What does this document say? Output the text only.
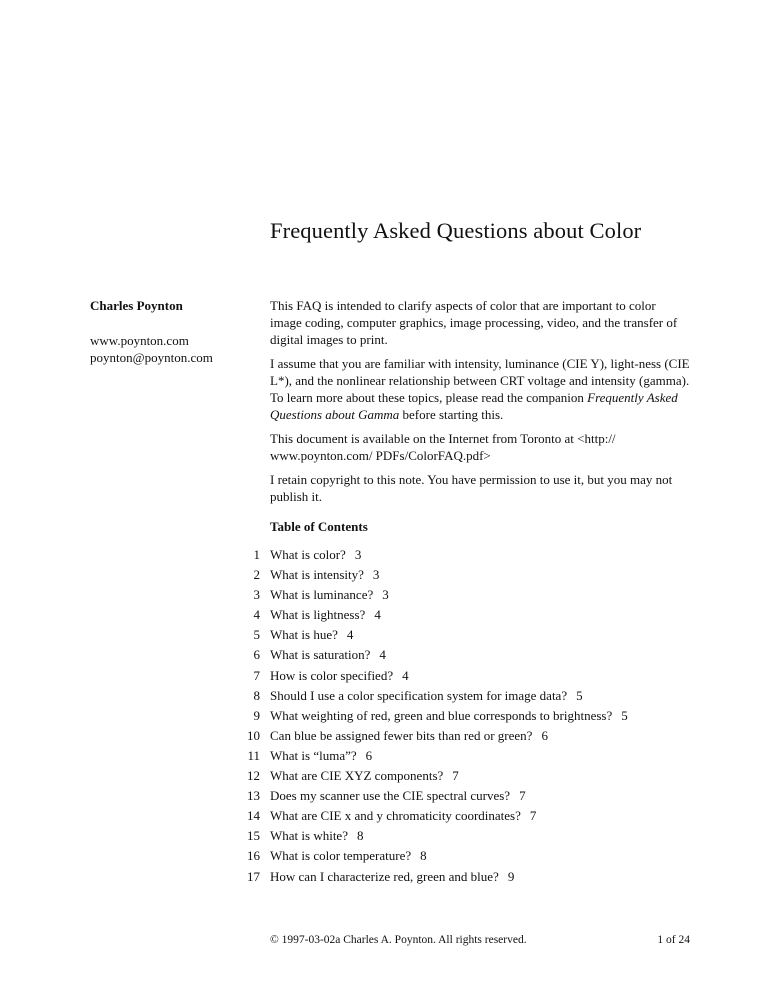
Frequently Asked Questions about Color
Charles Poynton
www.poynton.com
poynton@poynton.com

This FAQ is intended to clarify aspects of color that are important to color image coding, computer graphics, image processing, video, and the transfer of digital images to print.

I assume that you are familiar with intensity, luminance (CIE Y), light-ness (CIE L*), and the nonlinear relationship between CRT voltage and intensity (gamma). To learn more about these topics, please read the companion Frequently Asked Questions about Gamma before starting this.

This document is available on the Internet from Toronto at <http:// www.poynton.com/ PDFs/ColorFAQ.pdf>

I retain copyright to this note. You have permission to use it, but you may not publish it.

Table of Contents
1 What is color? 3
2 What is intensity? 3
3 What is luminance? 3
4 What is lightness? 4
5 What is hue? 4
6 What is saturation? 4
7 How is color specified? 4
8 Should I use a color specification system for image data? 5
9 What weighting of red, green and blue corresponds to brightness? 5
10 Can blue be assigned fewer bits than red or green? 6
11 What is “luma”? 6
12 What are CIE XYZ components? 7
13 Does my scanner use the CIE spectral curves? 7
14 What are CIE x and y chromaticity coordinates? 7
15 What is white? 8
16 What is color temperature? 8
17 How can I characterize red, green and blue? 9
© 1997-03-02a Charles A. Poynton. All rights reserved.	1 of 24
